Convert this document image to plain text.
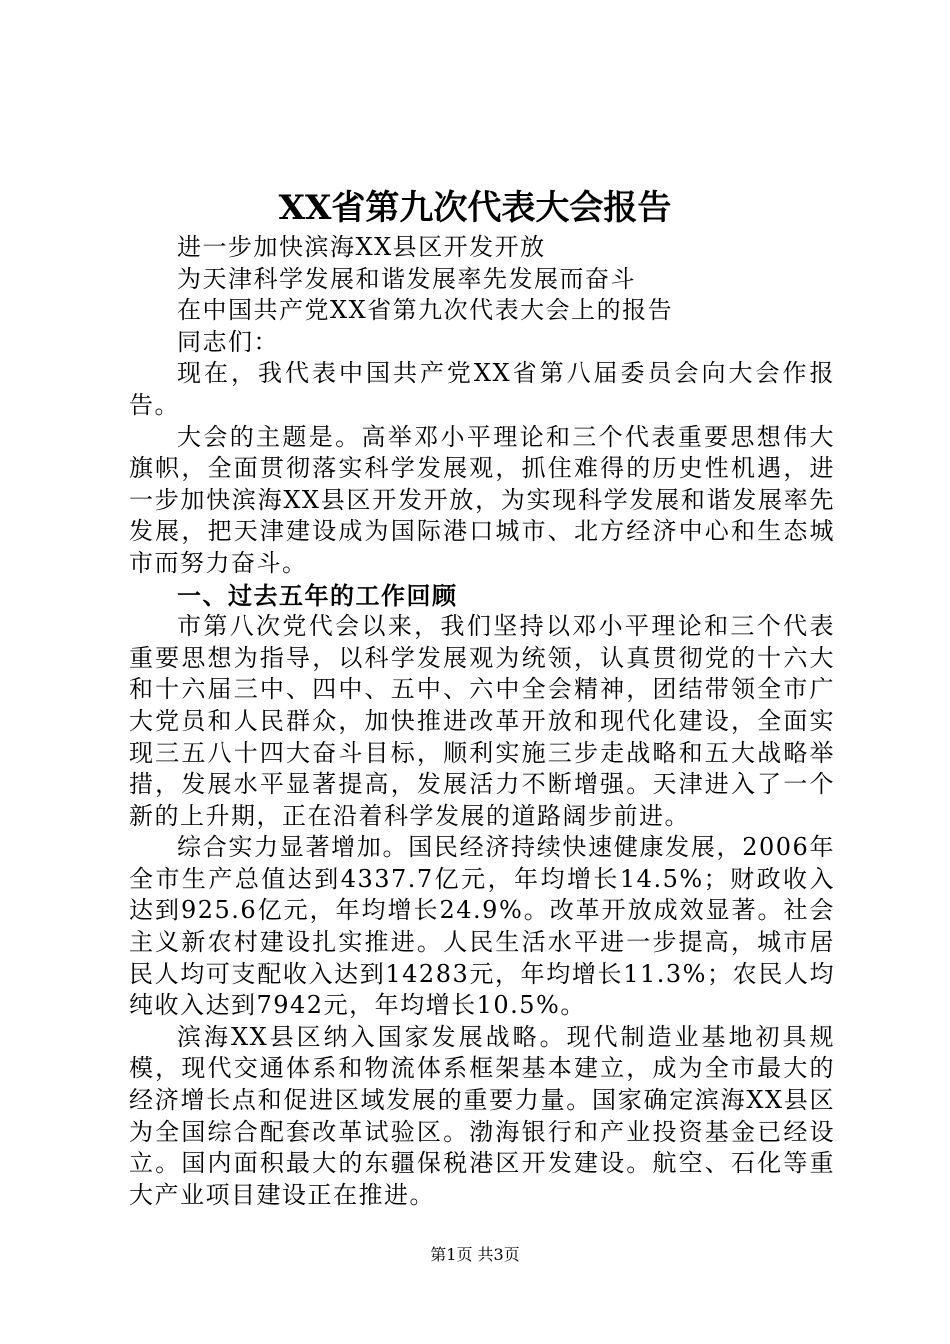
XX省第九次代表大会报告

进一步加快滨海XX县区开发开放

为天津科学发展和谐发展率先发展而奋斗

在中国共产党XX省第九次代表大会上的报告

同志们：

现在，我代表中国共产党XX省第八届委员会向大会作报告。

大会的主题是。高举邓小平理论和三个代表重要思想伟大旗帜，全面贯彻落实科学发展观，抓住难得的历史性机遇，进一步加快滨海XX县区开发开放，为实现科学发展和谐发展率先发展，把天津建设成为国际港口城市、北方经济中心和生态城市而努力奋斗。

一、过去五年的工作回顾

市第八次党代会以来，我们坚持以邓小平理论和三个代表重要思想为指导，以科学发展观为统领，认真贯彻党的十六大和十六届三中、四中、五中、六中全会精神，团结带领全市广大党员和人民群众，加快推进改革开放和现代化建设，全面实现三五八十四大奋斗目标，顺利实施三步走战略和五大战略举措，发展水平显著提高，发展活力不断增强。天津进入了一个新的上升期，正在沿着科学发展的道路阔步前进。

综合实力显著增加。国民经济持续快速健康发展，2006年全市生产总值达到4337.7亿元，年均增长14.5%；财政收入达到925.6亿元，年均增长24.9%。改革开放成效显著。社会主义新农村建设扎实推进。人民生活水平进一步提高，城市居民人均可支配收入达到14283元，年均增长11.3%；农民人均纯收入达到7942元，年均增长10.5%。

滨海XX县区纳入国家发展战略。现代制造业基地初具规模，现代交通体系和物流体系框架基本建立，成为全市最大的经济增长点和促进区域发展的重要力量。国家确定滨海XX县区为全国综合配套改革试验区。渤海银行和产业投资基金已经设立。国内面积最大的东疆保税港区开发建设。航空、石化等重大产业项目建设正在推进。

第1页 共3页
